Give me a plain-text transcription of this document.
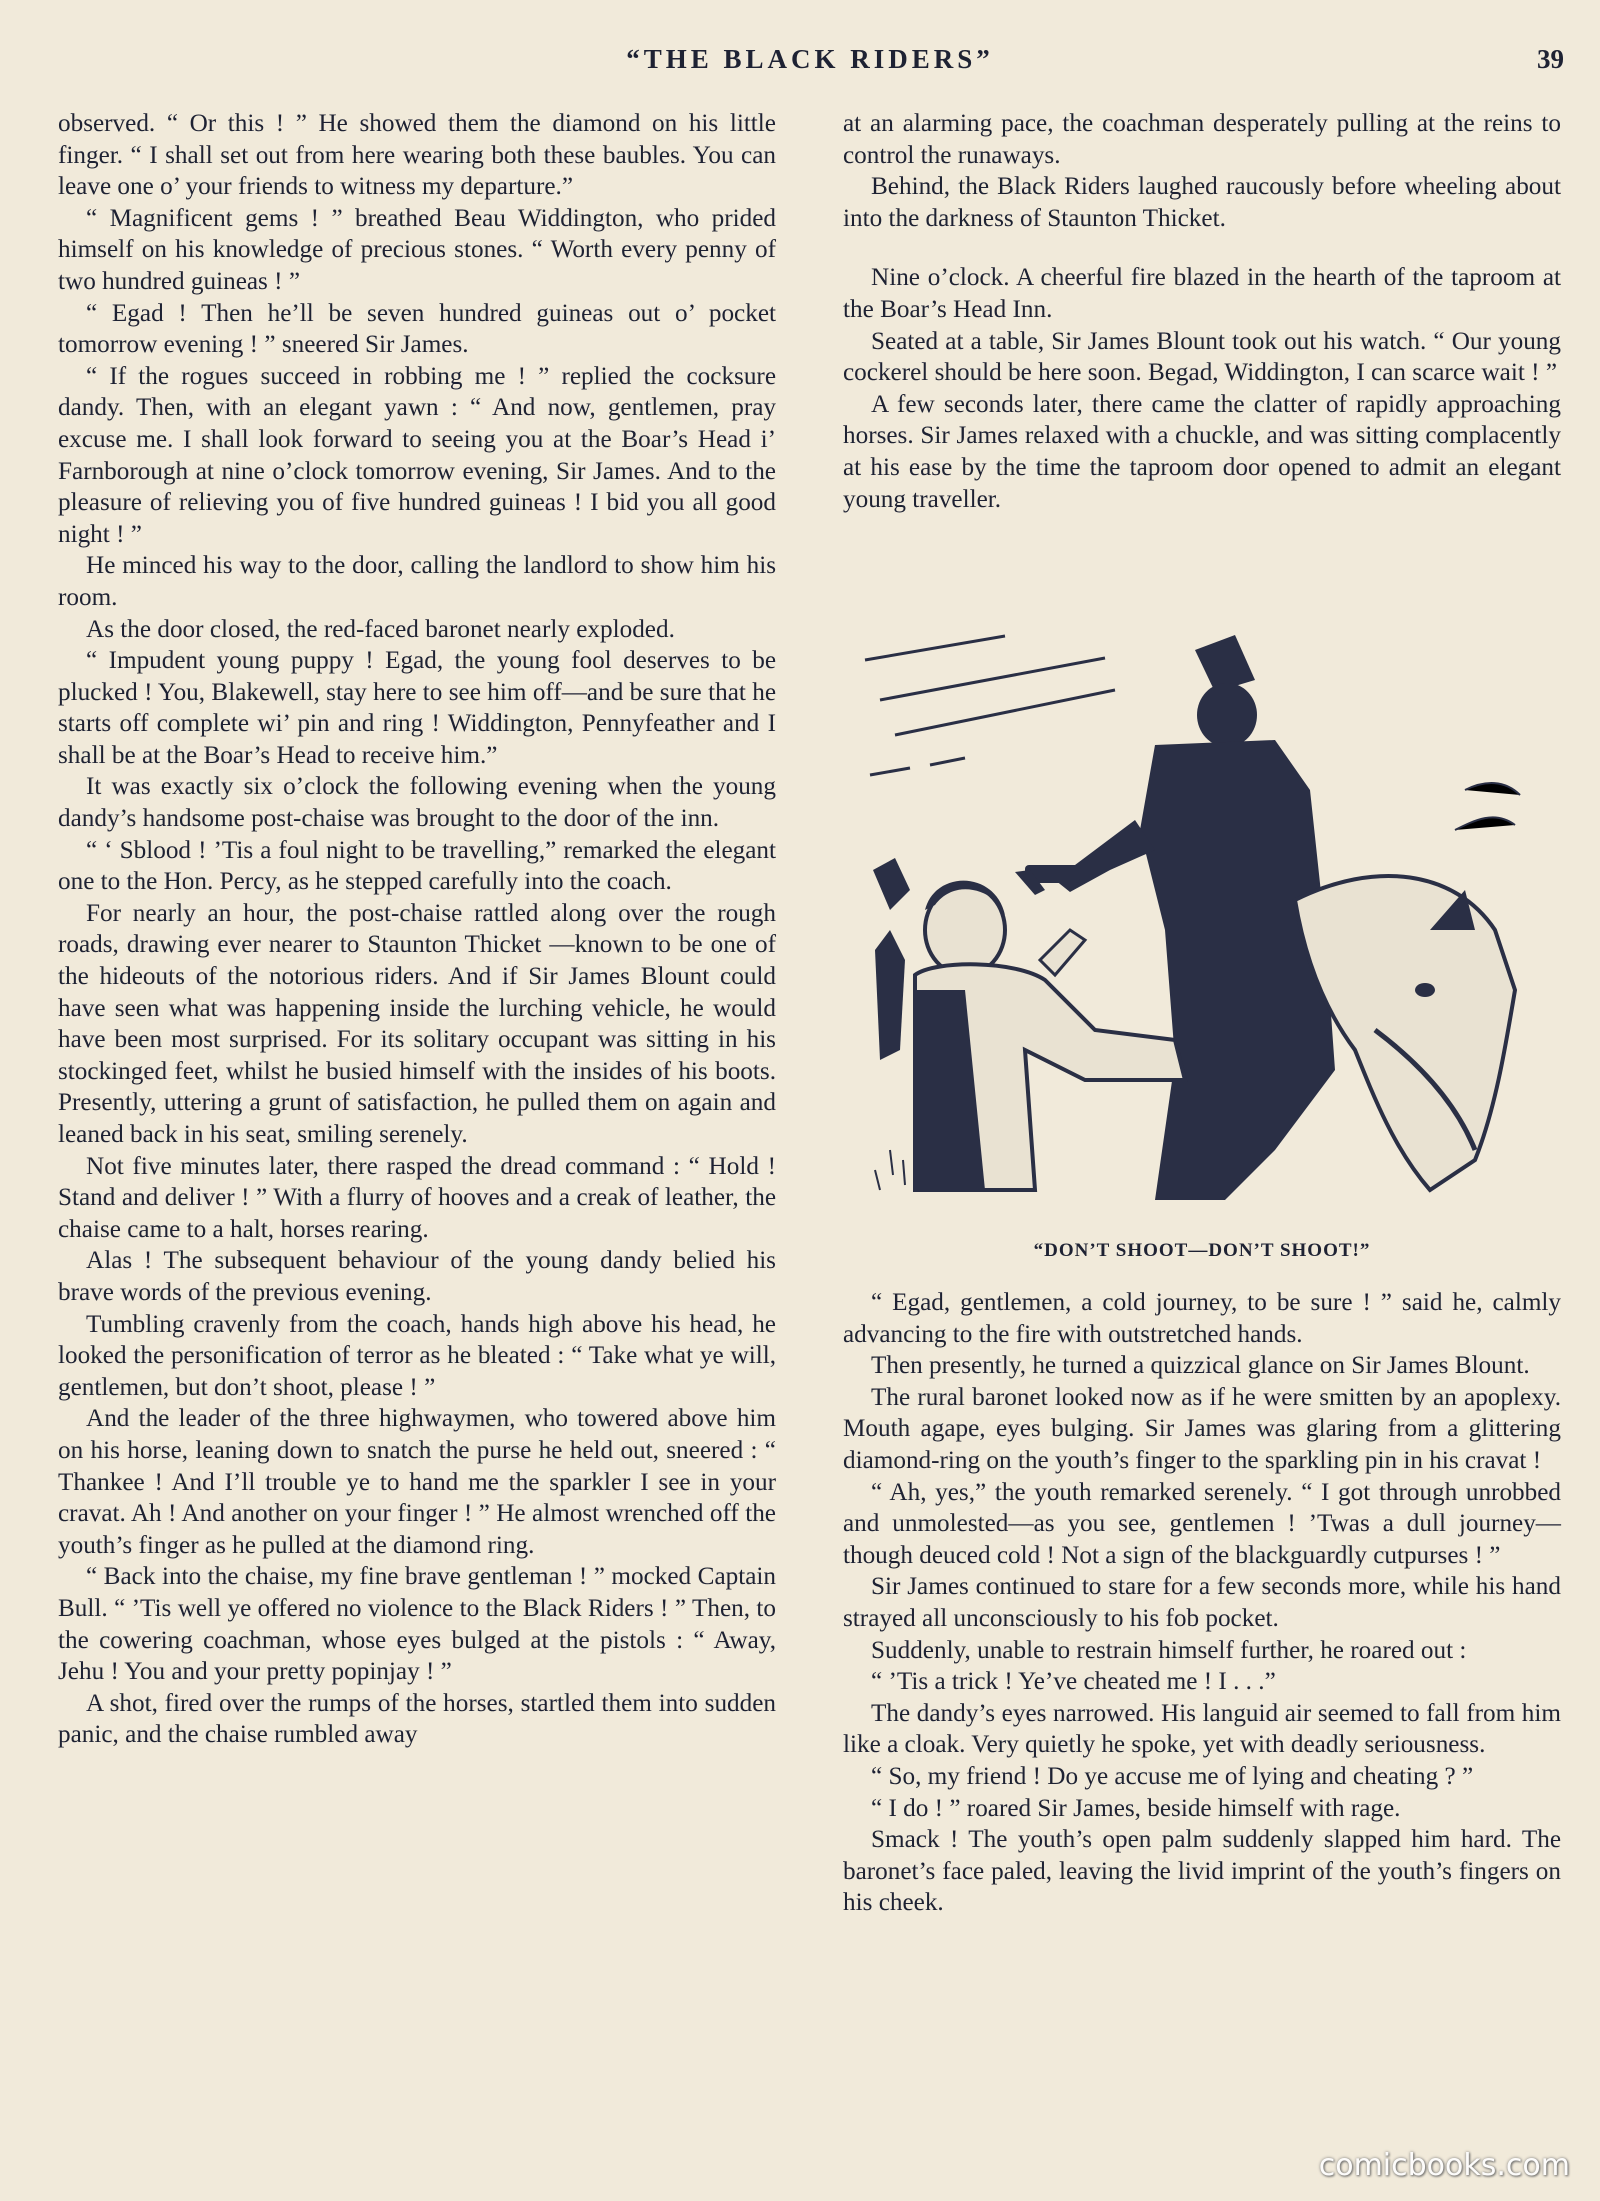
“THE BLACK RIDERS”	39

observed. “ Or this ! ” He showed them the diamond on his little finger. “ I shall set out from here wearing both these baubles. You can leave one o’ your friends to witness my departure.”

“ Magnificent gems ! ” breathed Beau Widdington, who prided himself on his knowledge of precious stones. “ Worth every penny of two hundred guineas ! ”

“ Egad ! Then he’ll be seven hundred guineas out o’ pocket tomorrow evening ! ” sneered Sir James.

“ If the rogues succeed in robbing me ! ” replied the cocksure dandy. Then, with an elegant yawn : “ And now, gentlemen, pray excuse me. I shall look forward to seeing you at the Boar’s Head i’ Farnborough at nine o’clock tomorrow evening, Sir James. And to the pleasure of relieving you of five hundred guineas ! I bid you all good night ! ”

He minced his way to the door, calling the landlord to show him his room.

As the door closed, the red-faced baronet nearly exploded.

“ Impudent young puppy ! Egad, the young fool deserves to be plucked ! You, Blakewell, stay here to see him off—and be sure that he starts off complete wi’ pin and ring ! Widdington, Pennyfeather and I shall be at the Boar’s Head to receive him.”

It was exactly six o’clock the following evening when the young dandy’s handsome post-chaise was brought to the door of the inn.

“ ‘ Sblood ! ’Tis a foul night to be travelling,” remarked the elegant one to the Hon. Percy, as he stepped carefully into the coach.

For nearly an hour, the post-chaise rattled along over the rough roads, drawing ever nearer to Staunton Thicket —known to be one of the hideouts of the notorious riders. And if Sir James Blount could have seen what was happening inside the lurching vehicle, he would have been most surprised. For its solitary occupant was sitting in his stockinged feet, whilst he busied himself with the insides of his boots. Presently, uttering a grunt of satisfaction, he pulled them on again and leaned back in his seat, smiling serenely.

Not five minutes later, there rasped the dread command : “ Hold ! Stand and deliver ! ” With a flurry of hooves and a creak of leather, the chaise came to a halt, horses rearing.

Alas ! The subsequent behaviour of the young dandy belied his brave words of the previous evening.

Tumbling cravenly from the coach, hands high above his head, he looked the personification of terror as he bleated : “ Take what ye will, gentlemen, but don’t shoot, please ! ”

And the leader of the three highwaymen, who towered above him on his horse, leaning down to snatch the purse he held out, sneered : “ Thankee ! And I’ll trouble ye to hand me the sparkler I see in your cravat. Ah ! And another on your finger ! ” He almost wrenched off the youth’s finger as he pulled at the diamond ring.

“ Back into the chaise, my fine brave gentleman ! ” mocked Captain Bull. “ ’Tis well ye offered no violence to the Black Riders ! ” Then, to the cowering coachman, whose eyes bulged at the pistols : “ Away, Jehu ! You and your pretty popinjay ! ”

A shot, fired over the rumps of the horses, startled them into sudden panic, and the chaise rumbled away

at an alarming pace, the coachman desperately pulling at the reins to control the runaways.

Behind, the Black Riders laughed raucously before wheeling about into the darkness of Staunton Thicket.

Nine o’clock. A cheerful fire blazed in the hearth of the taproom at the Boar’s Head Inn.

Seated at a table, Sir James Blount took out his watch. “ Our young cockerel should be here soon. Begad, Widdington, I can scarce wait ! ”

A few seconds later, there came the clatter of rapidly approaching horses. Sir James relaxed with a chuckle, and was sitting complacently at his ease by the time the taproom door opened to admit an elegant young traveller.

“DON’T SHOOT—DON’T SHOOT!”

“ Egad, gentlemen, a cold journey, to be sure ! ” said he, calmly advancing to the fire with outstretched hands.

Then presently, he turned a quizzical glance on Sir James Blount.

The rural baronet looked now as if he were smitten by an apoplexy. Mouth agape, eyes bulging. Sir James was glaring from a glittering diamond-ring on the youth’s finger to the sparkling pin in his cravat !

“ Ah, yes,” the youth remarked serenely. “ I got through unrobbed and unmolested—as you see, gentlemen ! ’Twas a dull journey—though deuced cold ! Not a sign of the blackguardly cutpurses ! ”

Sir James continued to stare for a few seconds more, while his hand strayed all unconsciously to his fob pocket.

Suddenly, unable to restrain himself further, he roared out :

“ ’Tis a trick ! Ye’ve cheated me ! I . . .”

The dandy’s eyes narrowed. His languid air seemed to fall from him like a cloak. Very quietly he spoke, yet with deadly seriousness.

“ So, my friend ! Do ye accuse me of lying and cheating ? ”

“ I do ! ” roared Sir James, beside himself with rage.

Smack ! The youth’s open palm suddenly slapped him hard. The baronet’s face paled, leaving the livid imprint of the youth’s fingers on his cheek.

comicbooks.com
